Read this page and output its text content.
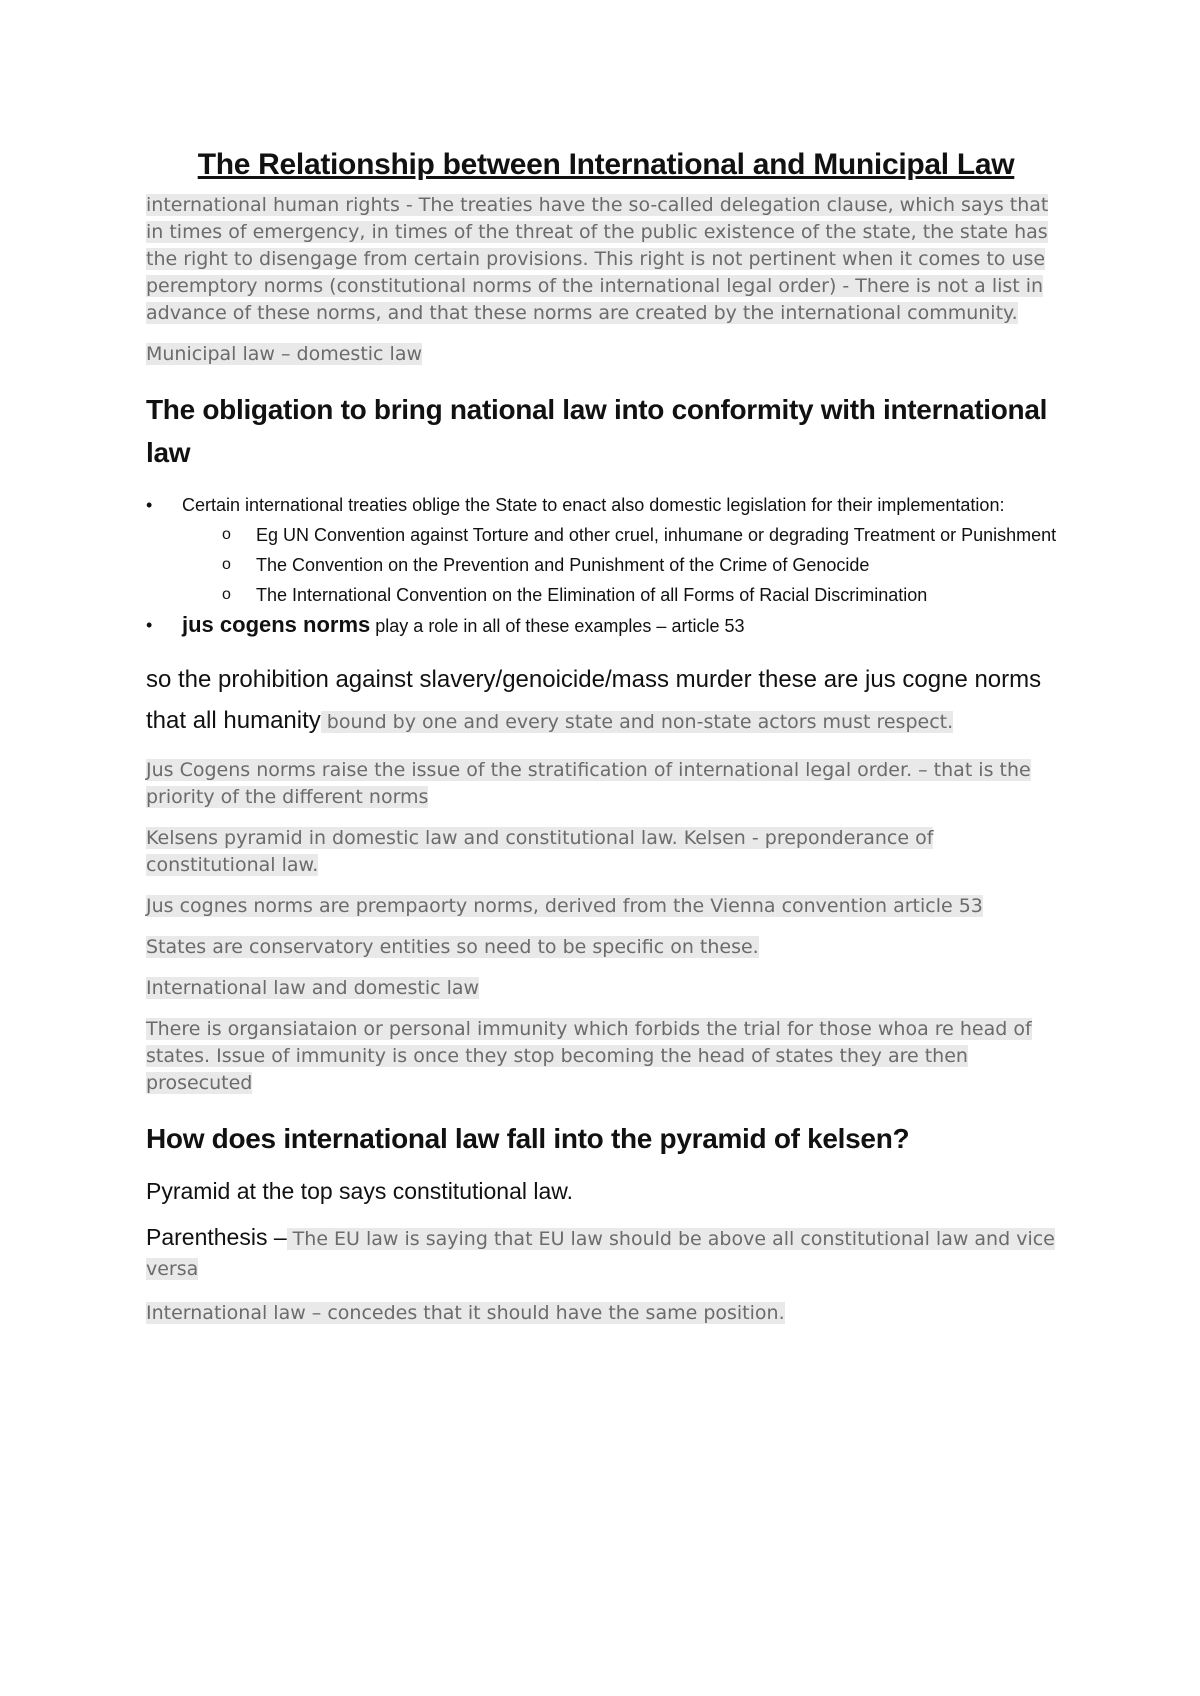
The Relationship between International and Municipal Law

international human rights - The treaties have the so-called delegation clause, which says that in times of emergency, in times of the threat of the public existence of the state, the state has the right to disengage from certain provisions. This right is not pertinent when it comes to use peremptory norms (constitutional norms of the international legal order) - There is not a list in advance of these norms, and that these norms are created by the international community.

Municipal law – domestic law

The obligation to bring national law into conformity with international law
• Certain international treaties oblige the State to enact also domestic legislation for their implementation:
o Eg UN Convention against Torture and other cruel, inhumane or degrading Treatment or Punishment
o The Convention on the Prevention and Punishment of the Crime of Genocide
o The International Convention on the Elimination of all Forms of Racial Discrimination
• jus cogens norms play a role in all of these examples – article 53

so the prohibition against slavery/genoicide/mass murder these are jus cogne norms that all humanity bound by one and every state and non-state actors must respect.

Jus Cogens norms raise the issue of the stratification of international legal order. – that is the priority of the different norms

Kelsens pyramid in domestic law and constitutional law. Kelsen - preponderance of constitutional law.

Jus cognes norms are prempaorty norms, derived from the Vienna convention article 53

States are conservatory entities so need to be specific on these.

International law and domestic law

There is organsiataion or personal immunity which forbids the trial for those whoa re head of states. Issue of immunity is once they stop becoming the head of states they are then prosecuted

How does international law fall into the pyramid of kelsen?

Pyramid at the top says constitutional law.

Parenthesis – The EU law is saying that EU law should be above all constitutional law and vice versa

International law – concedes that it should have the same position.
